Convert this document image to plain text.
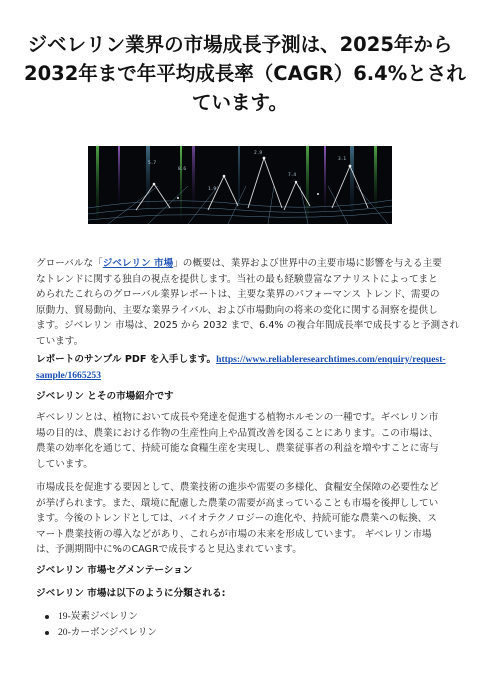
ジベレリン業界の市場成長予測は、2025年から
2032年まで年平均成長率（CAGR）6.4%とされ
ています。
5.7
8.6
2.9
7.4
3.1
1.9
グローバルな「ジベレリン 市場」の概要は、業界および世界中の主要市場に影響を与える主要
なトレンドに関する独自の視点を提供します。当社の最も経験豊富なアナリストによってまと
められたこれらのグローバル業界レポートは、主要な業界のパフォーマンス トレンド、需要の
原動力、貿易動向、主要な業界ライバル、および市場動向の将来の変化に関する洞察を提供し
ます。ジベレリン 市場は、2025 から 2032 まで、6.4% の複合年間成長率で成長すると予測され
ています。
レポートのサンプル PDF を入手します。https://www.reliableresearchtimes.com/enquiry/request-
sample/1665253
ジベレリン とその市場紹介です
ギベレリンとは、植物において成長や発達を促進する植物ホルモンの一種です。ギベレリン市
場の目的は、農業における作物の生産性向上や品質改善を図ることにあります。この市場は、
農業の効率化を通じて、持続可能な食糧生産を実現し、農業従事者の利益を増やすことに寄与
しています。
市場成長を促進する要因として、農業技術の進歩や需要の多様化、食糧安全保障の必要性など
が挙げられます。また、環境に配慮した農業の需要が高まっていることも市場を後押ししてい
ます。今後のトレンドとしては、バイオテクノロジーの進化や、持続可能な農業への転換、ス
マート農業技術の導入などがあり、これらが市場の未来を形成しています。 ギベレリン市場
は、予測期間中に%のCAGRで成長すると見込まれています。
ジベレリン 市場セグメンテーション
ジベレリン 市場は以下のように分類される:
19-炭素ジベレリン
20-カーボンジベレリン
